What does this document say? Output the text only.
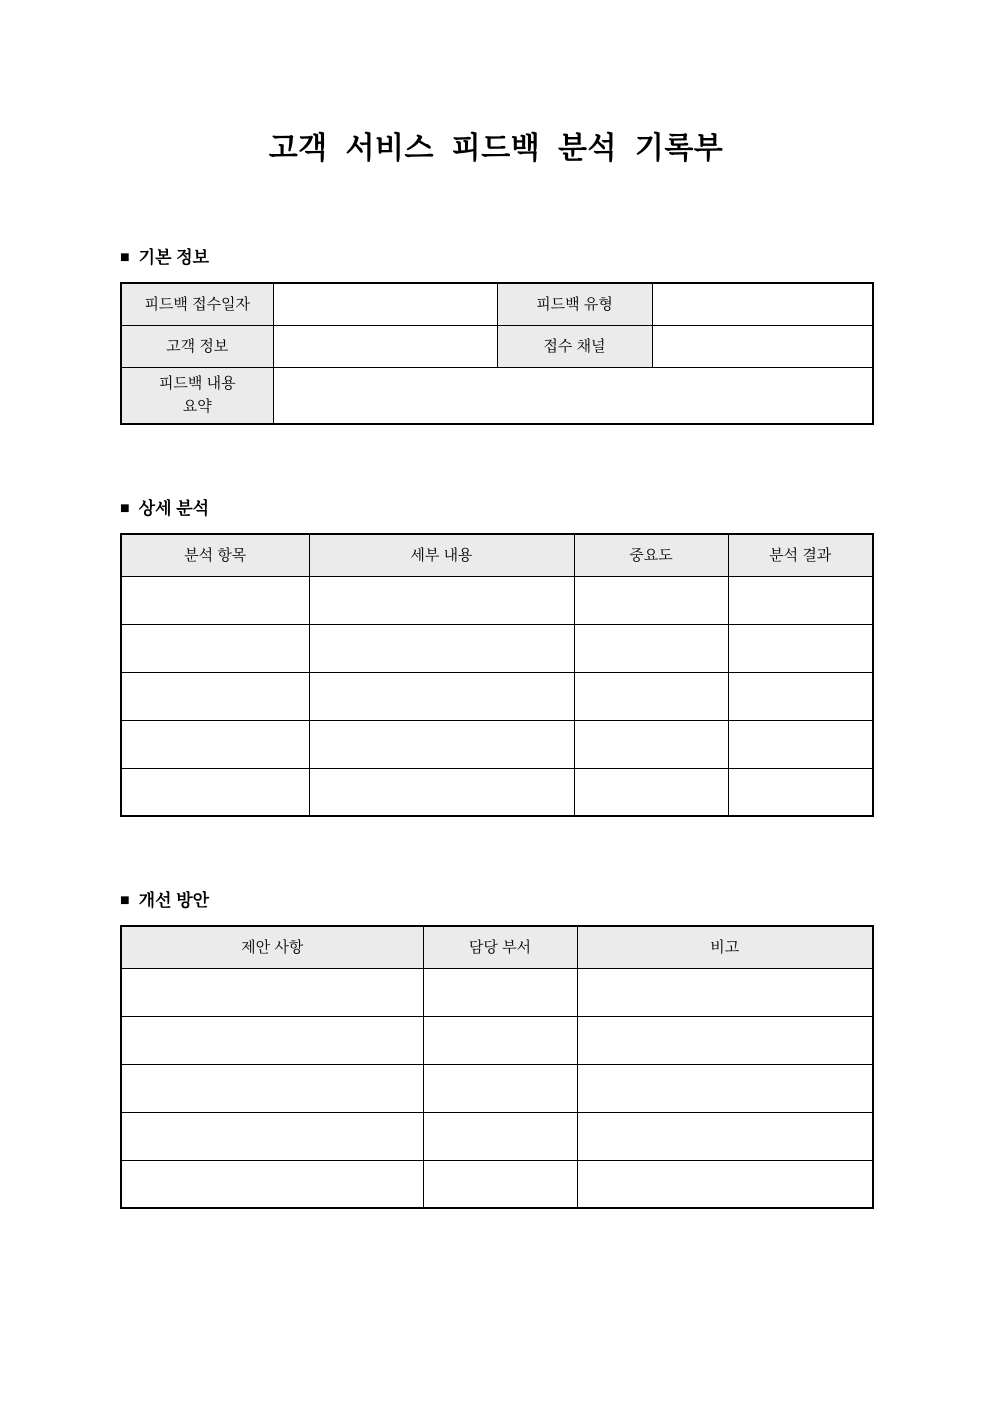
고객 서비스 피드백 분석 기록부
■ 기본 정보
피드백 접수일자		피드백 유형	
고객 정보		접수 채널	
피드백 내용
요약			
■ 상세 분석
분석 항목	세부 내용	중요도	분석 결과

■ 개선 방안
제안 사항	담당 부서	비고
